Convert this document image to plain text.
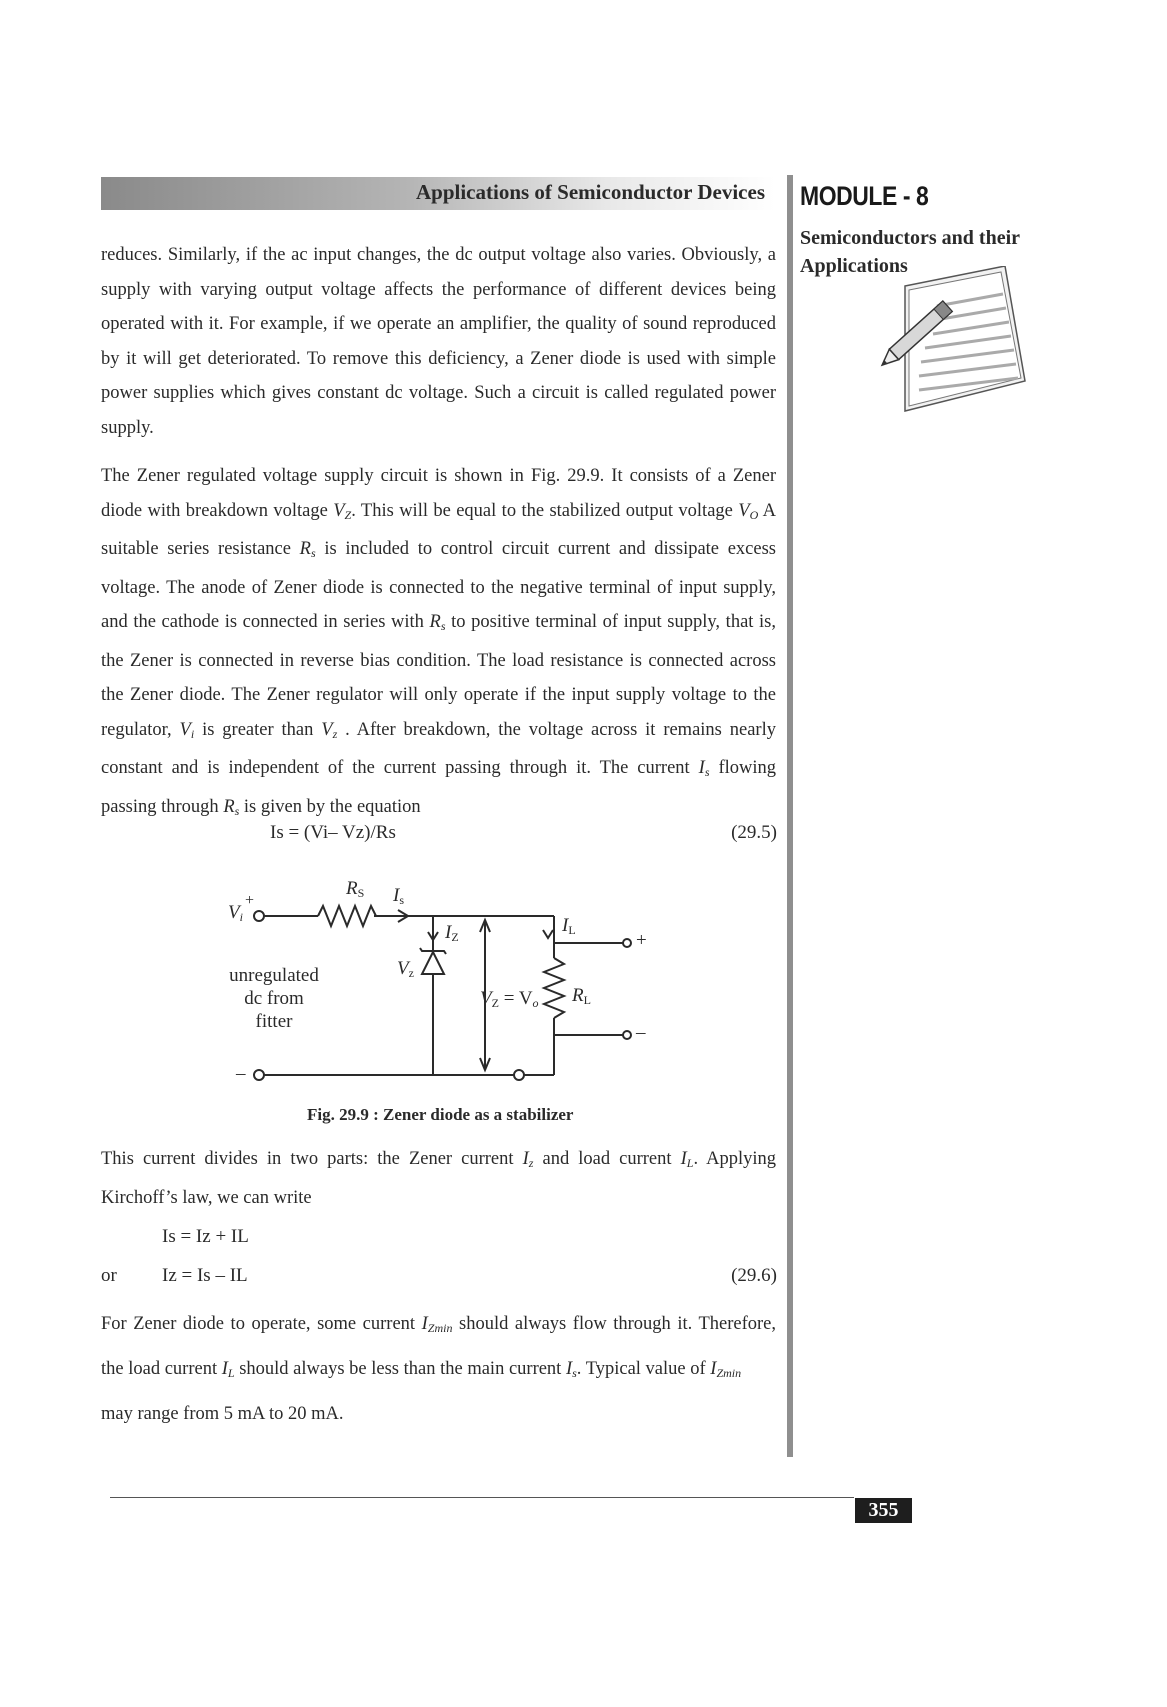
Applications of Semiconductor Devices MODULE - 8
Semiconductors and their
Applications
reduces. Similarly, if the ac input changes, the dc output voltage also varies. Obviously, a supply with varying output voltage affects the performance of different devices being operated with it. For example, if we operate an amplifier, the quality of sound reproduced by it will get deteriorated. To remove this deficiency, a Zener diode is used with simple power supplies which gives constant dc voltage. Such a circuit is called regulated power supply.
The Zener regulated voltage supply circuit is shown in Fig. 29.9. It consists of a Zener diode with breakdown voltage $V_Z$. This will be equal to the stabilized output voltage $V_O$ A suitable series resistance $R_s$ is included to control circuit current and dissipate excess voltage. The anode of Zener diode is connected to the negative terminal of input supply, and the cathode is connected in series with $R_s$ to positive terminal of input supply, that is, the Zener is connected in reverse bias condition. The load resistance is connected across the Zener diode. The Zener regulator will only operate if the input supply voltage to the regulator, $V_i$ is greater than $V_z$ . After breakdown, the voltage across it remains nearly constant and is independent of the current passing through it. The current $I_s$ flowing passing through $R_s$ is given by the equation
Is = (Vi– Vz)/Rs	(29.5)
unregulated
dc from
fitter
$V_i$
+
$R_S$ $I_s$
$I_Z$
$V_z$
$V_Z = V_o$
$I_L$
$R_L$
+
–
–
Fig. 29.9 : Zener diode as a stabilizer
This current divides in two parts: the Zener current $I_z$ and load current $I_L$. Applying Kirchoff’s law, we can write
Is = Iz + IL
or Iz = Is – IL	(29.6)
For Zener diode to operate, some current $I_{Zmin}$ should always flow through it. Therefore, the load current $I_L$ should always be less than the main current $I_s$. Typical value of $I_{Zmin}$
may range from 5 mA to 20 mA.
355
